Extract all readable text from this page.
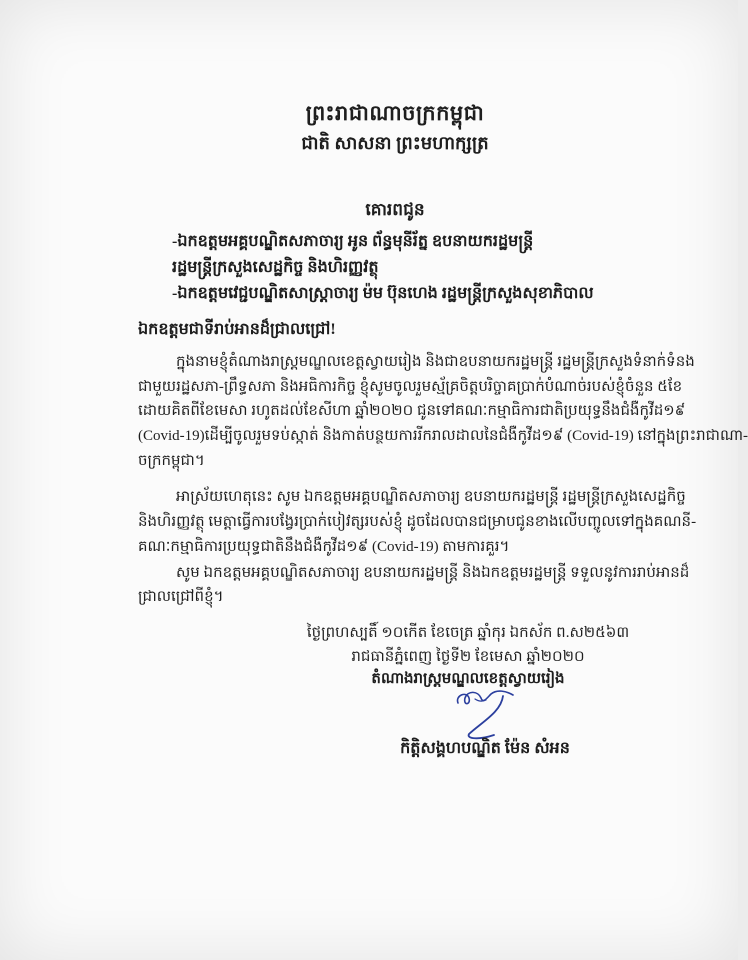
ព្រះរាជាណាចក្រកម្ពុជា
ជាតិ សាសនា ព្រះមហាក្សត្រ
គោរពជូន
-ឯកឧត្តមអគ្គបណ្ឌិតសភាចារ្យ អូន ព័ន្ធមុនីរ័ត្ន ឧបនាយករដ្ឋមន្ត្រី
រដ្ឋមន្ត្រីក្រសួងសេដ្ឋកិច្ច និងហិរញ្ញវត្ថុ
-ឯកឧត្តមវេជ្ជបណ្ឌិតសាស្ត្រាចារ្យ ម៉ម ប៊ុនហេង រដ្ឋមន្ត្រីក្រសួងសុខាភិបាល
ឯកឧត្តមជាទីរាប់អានដ៏ជ្រាលជ្រៅ!
ក្នុងនាមខ្ញុំតំណាងរាស្ត្រមណ្ឌលខេត្តស្វាយរៀង និងជាឧបនាយករដ្ឋមន្ត្រី រដ្ឋមន្ត្រីក្រសួងទំនាក់ទំនង
ជាមួយរដ្ឋសភា-ព្រឹទ្ធសភា និងអធិការកិច្ច ខ្ញុំសូមចូលរួមស្ម័គ្រចិត្តបរិច្ចាគប្រាក់បំណាច់របស់ខ្ញុំចំនួន ៥ខែ
ដោយគិតពីខែមេសា រហូតដល់ខែសីហា ឆ្នាំ២០២០ ជូនទៅគណៈកម្មាធិការជាតិប្រយុទ្ធនឹងជំងឺកូវីដ១៩
(Covid-19)ដើម្បីចូលរួមទប់ស្កាត់ និងកាត់បន្ថយការរីករាលដាលនៃជំងឺកូវីដ១៩ (Covid-19) នៅក្នុងព្រះរាជាណា-
ចក្រកម្ពុជា។
អាស្រ័យហេតុនេះ សូម ឯកឧត្តមអគ្គបណ្ឌិតសភាចារ្យ ឧបនាយករដ្ឋមន្ត្រី រដ្ឋមន្ត្រីក្រសួងសេដ្ឋកិច្ច
និងហិរញ្ញវត្ថុ មេត្តាធ្វើការបង្វែរប្រាក់បៀវត្សរបស់ខ្ញុំ ដូចដែលបានជម្រាបជូនខាងលើបញ្ចូលទៅក្នុងគណនី-
គណៈកម្មាធិការប្រយុទ្ធជាតិនឹងជំងឺកូវីដ១៩ (Covid-19) តាមការគួរ។
សូម ឯកឧត្តមអគ្គបណ្ឌិតសភាចារ្យ ឧបនាយករដ្ឋមន្ត្រី និងឯកឧត្តមរដ្ឋមន្ត្រី ទទួលនូវការរាប់អានដ៏
ជ្រាលជ្រៅពីខ្ញុំ។
ថ្ងៃព្រហស្បតិ៍ ១០កើត ខែចេត្រ ឆ្នាំកុរ ឯកស័ក ព.ស២៥៦៣
រាជធានីភ្នំពេញ ថ្ងៃទី២ ខែមេសា ឆ្នាំ២០២០
តំណាងរាស្ត្រមណ្ឌលខេត្តស្វាយរៀង
កិត្តិសង្គហបណ្ឌិត ម៉ែន សំអន
